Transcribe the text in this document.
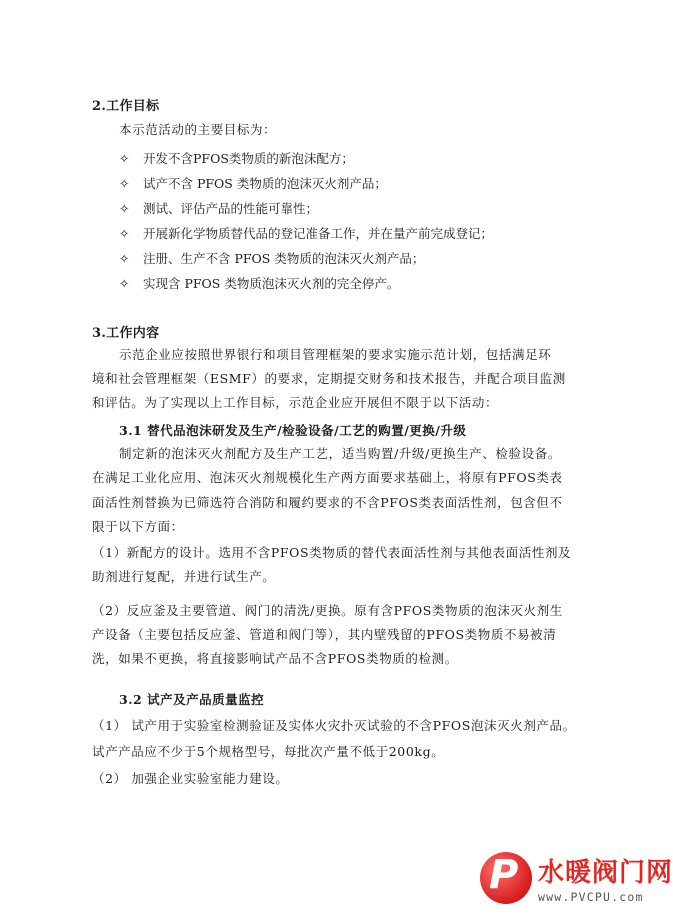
2.工作目标
本示范活动的主要目标为：
✧ 开发不含PFOS类物质的新泡沫配方；
✧ 试产不含 PFOS 类物质的泡沫灭火剂产品；
✧ 测试、评估产品的性能可靠性；
✧ 开展新化学物质替代品的登记准备工作，并在量产前完成登记；
✧ 注册、生产不含 PFOS 类物质的泡沫灭火剂产品；
✧ 实现含 PFOS 类物质泡沫灭火剂的完全停产。
3.工作内容
示范企业应按照世界银行和项目管理框架的要求实施示范计划，包括满足环
境和社会管理框架（ESMF）的要求，定期提交财务和技术报告，并配合项目监测
和评估。为了实现以上工作目标，示范企业应开展但不限于以下活动：
3.1 替代品泡沫研发及生产/检验设备/工艺的购置/更换/升级
制定新的泡沫灭火剂配方及生产工艺，适当购置/升级/更换生产、检验设备。
在满足工业化应用、泡沫灭火剂规模化生产两方面要求基础上，将原有PFOS类表
面活性剂替换为已筛选符合消防和履约要求的不含PFOS类表面活性剂，包含但不
限于以下方面：
（1）新配方的设计。选用不含PFOS类物质的替代表面活性剂与其他表面活性剂及
助剂进行复配，并进行试生产。
（2）反应釜及主要管道、阀门的清洗/更换。原有含PFOS类物质的泡沫灭火剂生
产设备（主要包括反应釜、管道和阀门等），其内壁残留的PFOS类物质不易被清
洗，如果不更换，将直接影响试产品不含PFOS类物质的检测。
3.2 试产及产品质量监控
（1） 试产用于实验室检测验证及实体火灾扑灭试验的不含PFOS泡沫灭火剂产品。
试产产品应不少于5个规格型号，每批次产量不低于200kg。
（2） 加强企业实验室能力建设。
P 水暖阀门网
www.PVCPU.com
